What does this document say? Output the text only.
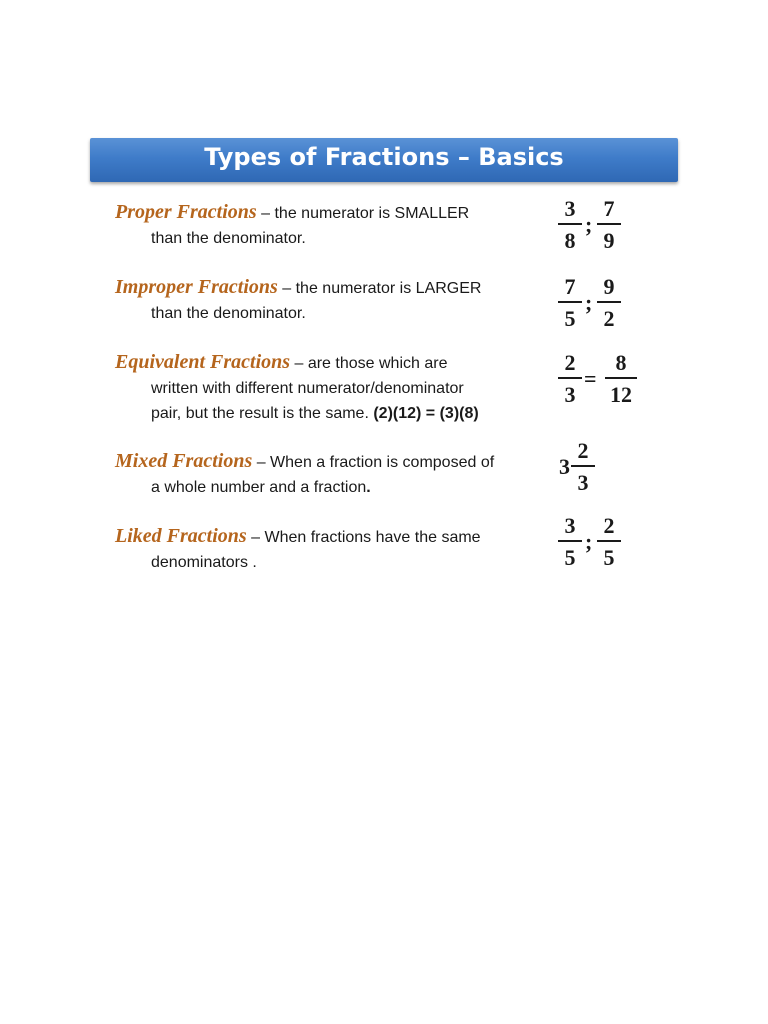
Types of Fractions – Basics
Proper Fractions – the numerator is SMALLER
than the denominator.
3
8
;
7
9
Improper Fractions – the numerator is LARGER
than the denominator.
7
5
;
9
2
Equivalent Fractions – are those which are
written with different numerator/denominator
pair, but the result is the same. (2)(12) = (3)(8)
2
3
=
8
12
Mixed Fractions – When a fraction is composed of
a whole number and a fraction.
3
2
3
Liked Fractions – When fractions have the same
denominators .
3
5
;
2
5
